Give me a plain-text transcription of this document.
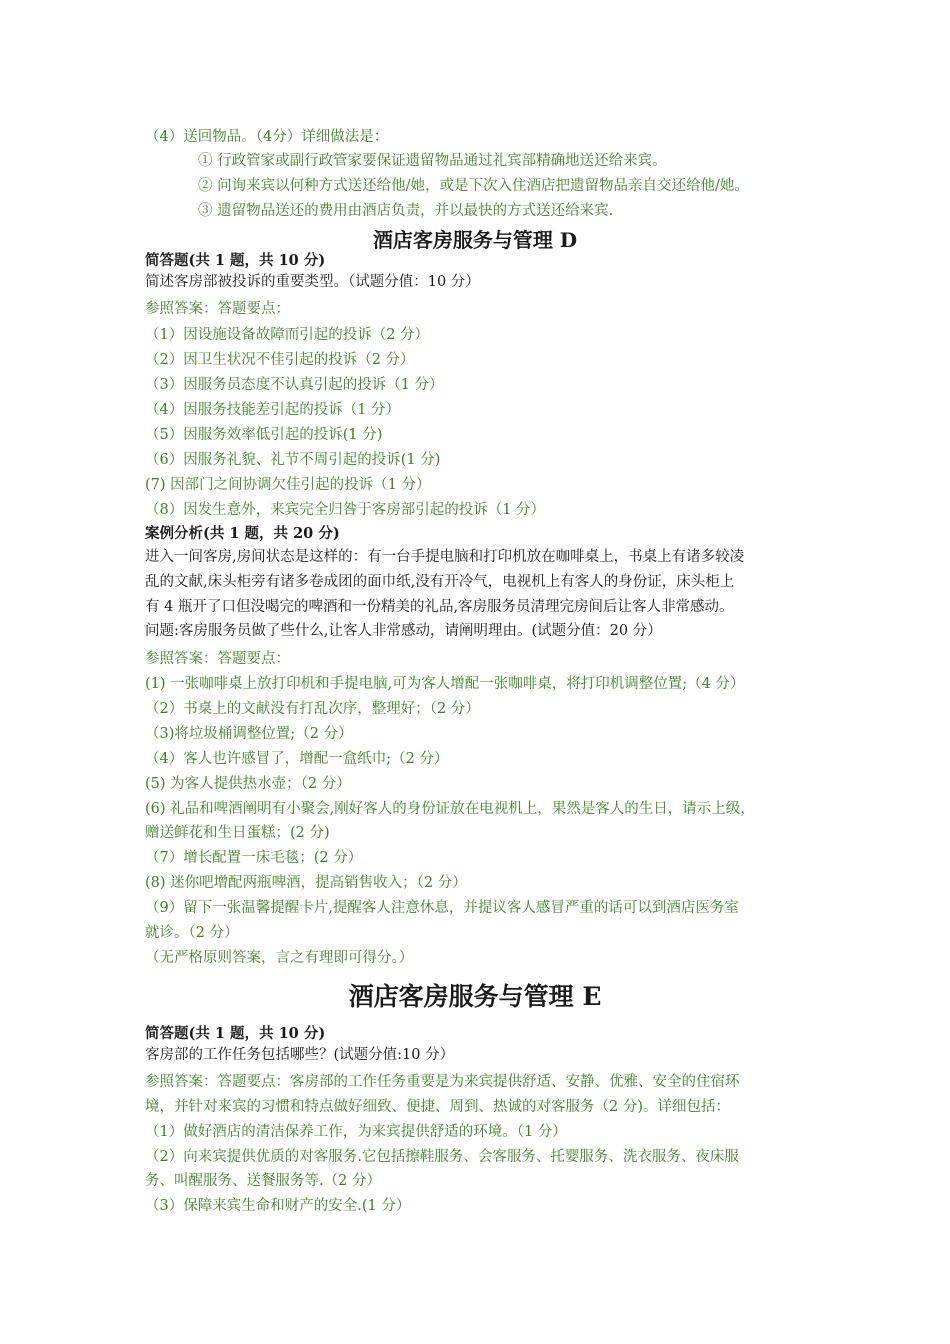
（4）送回物品。（4分）详细做法是：
① 行政管家或副行政管家要保证遗留物品通过礼宾部精确地送还给来宾。
② 问询来宾以何种方式送还给他/她，或是下次入住酒店把遗留物品亲自交还给他/她。
③ 遗留物品送还的费用由酒店负责，并以最快的方式送还给来宾.
酒店客房服务与管理 D
简答题(共 1 题，共 10 分)
简述客房部被投诉的重要类型。（试题分值：10 分）
参照答案：答题要点：
（1）因设施设备故障而引起的投诉（2 分）
（2）因卫生状况不佳引起的投诉（2 分）
（3）因服务员态度不认真引起的投诉（1 分）
（4）因服务技能差引起的投诉（1 分）
（5）因服务效率低引起的投诉(1 分)
（6）因服务礼貌、礼节不周引起的投诉(1 分)
(7) 因部门之间协调欠佳引起的投诉（1 分）
（8）因发生意外，来宾完全归咎于客房部引起的投诉（1 分）
案例分析(共 1 题，共 20 分)
进入一间客房,房间状态是这样的：有一台手提电脑和打印机放在咖啡桌上，书桌上有诸多较凌
乱的文献,床头柜旁有诸多卷成团的面巾纸,没有开冷气，电视机上有客人的身份证，床头柜上
有 4 瓶开了口但没喝完的啤酒和一份精美的礼品,客房服务员清理完房间后让客人非常感动。
问题:客房服务员做了些什么,让客人非常感动，请阐明理由。(试题分值：20 分）
参照答案：答题要点：
(1) 一张咖啡桌上放打印机和手提电脑,可为客人增配一张咖啡桌，将打印机调整位置;（4 分）
（2）书桌上的文献没有打乱次序，整理好；（2 分）
（3)将垃圾桶调整位置;（2 分）
（4）客人也许感冒了，增配一盒纸巾;（2 分）
(5) 为客人提供热水壶；（2 分）
(6) 礼品和啤酒阐明有小聚会,刚好客人的身份证放在电视机上，果然是客人的生日，请示上级，
赠送鲜花和生日蛋糕；(2 分)
（7）增长配置一床毛毯；(2 分）
(8) 迷你吧增配两瓶啤酒，提高销售收入；（2 分）
（9）留下一张温馨提醒卡片,提醒客人注意休息，并提议客人感冒严重的话可以到酒店医务室
就诊。（2 分）
（无严格原则答案，言之有理即可得分。）
酒店客房服务与管理 E
简答题(共 1 题，共 10 分)
客房部的工作任务包括哪些？(试题分值:10 分）
参照答案：答题要点：客房部的工作任务重要是为来宾提供舒适、安静、优雅、安全的住宿环
境，并针对来宾的习惯和特点做好细致、便捷、周到、热诚的对客服务（2 分)。详细包括：
（1）做好酒店的清洁保养工作，为来宾提供舒适的环境。（1 分）
（2）向来宾提供优质的对客服务.它包括擦鞋服务、会客服务、托婴服务、洗衣服务、夜床服
务、叫醒服务、送餐服务等.（2 分）
（3）保障来宾生命和财产的安全.(1 分）
